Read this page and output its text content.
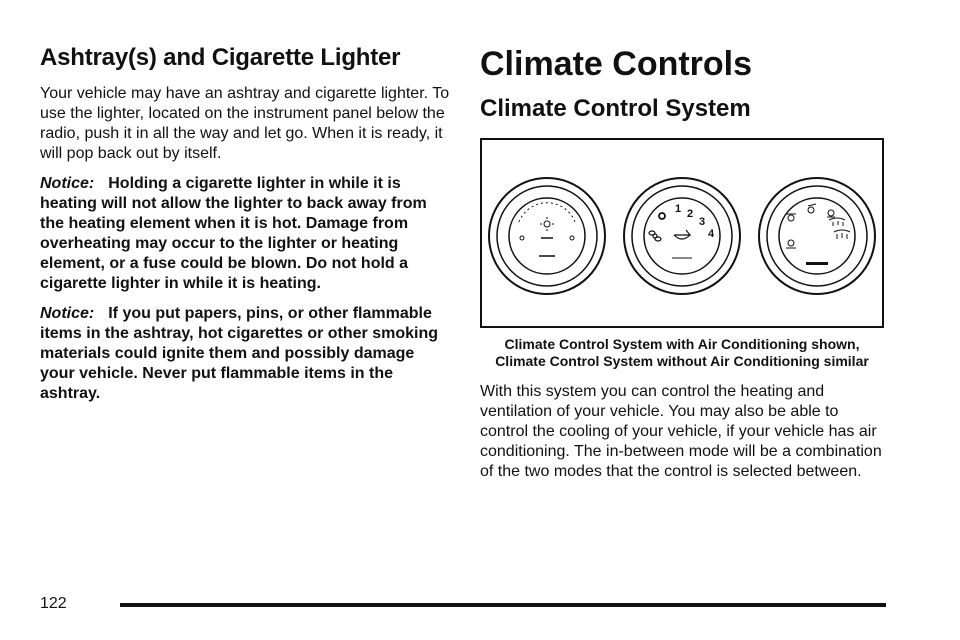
Ashtray(s) and Cigarette Lighter

Your vehicle may have an ashtray and cigarette lighter. To use the lighter, located on the instrument panel below the radio, push it in all the way and let go. When it is ready, it will pop back out by itself.

Notice: Holding a cigarette lighter in while it is heating will not allow the lighter to back away from the heating element when it is hot. Damage from overheating may occur to the lighter or heating element, or a fuse could be blown. Do not hold a cigarette lighter in while it is heating.

Notice: If you put papers, pins, or other flammable items in the ashtray, hot cigarettes or other smoking materials could ignite them and possibly damage your vehicle. Never put flammable items in the ashtray.

Climate Controls
Climate Control System
1 2
3
4
Climate Control System with Air Conditioning shown, Climate Control System without Air Conditioning similar

With this system you can control the heating and ventilation of your vehicle. You may also be able to control the cooling of your vehicle, if your vehicle has air conditioning. The in-between mode will be a combination of the two modes that the control is selected between.

122
